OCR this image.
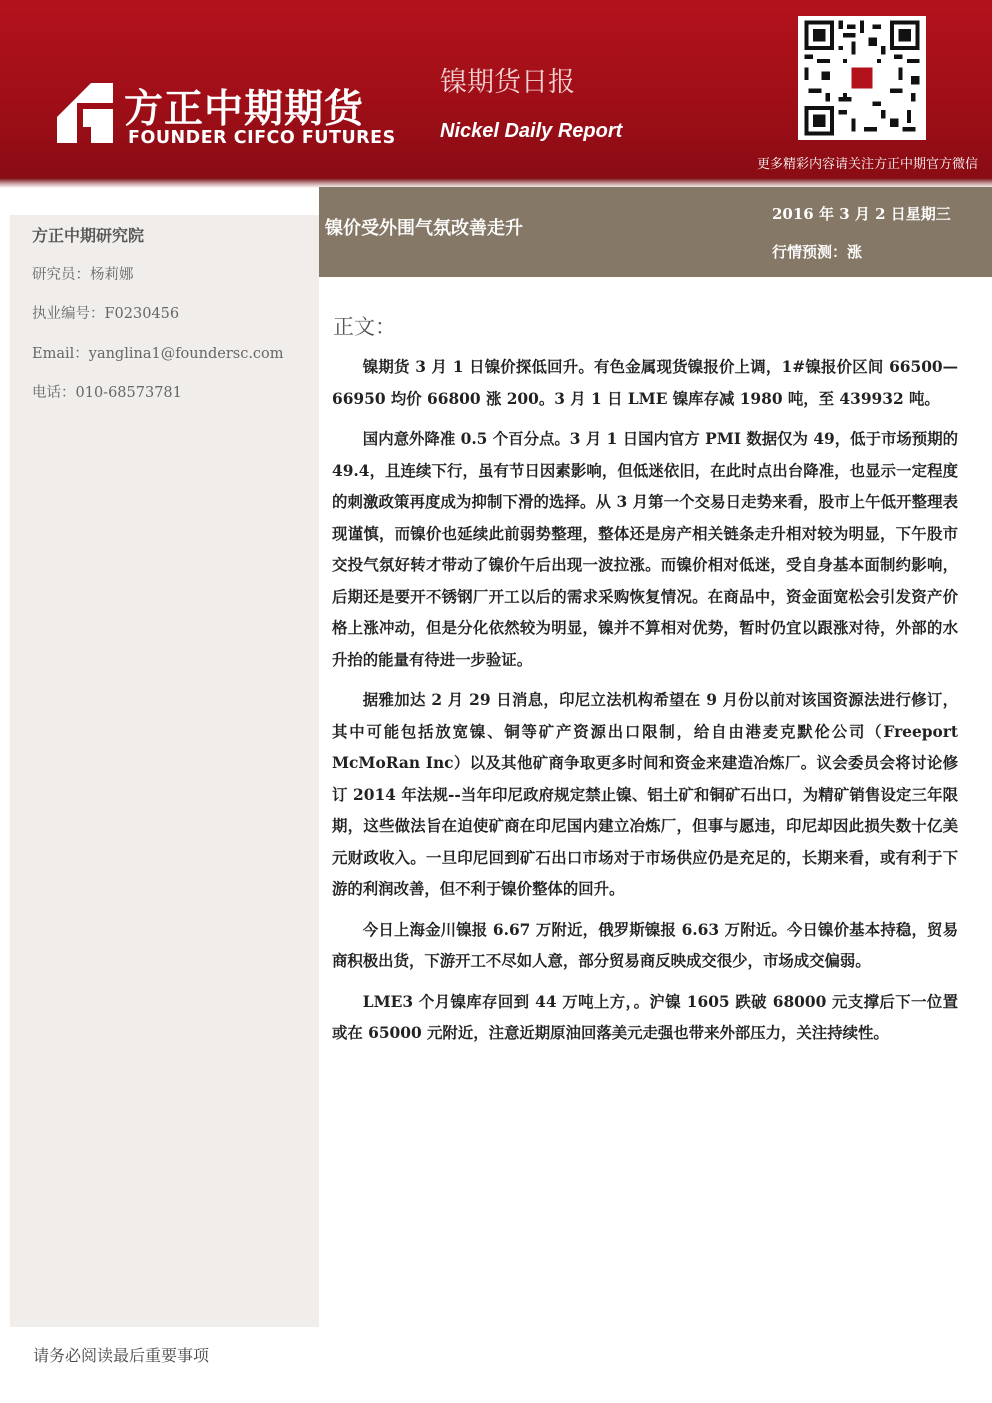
方正中期期货
FOUNDER CIFCO FUTURES
镍期货日报
Nickel Daily Report
更多精彩内容请关注方正中期官方微信
方正中期研究院
研究员：杨莉娜
执业编号：F0230456
Email：yanglina1@foundersc.com
电话：010-68573781
镍价受外围气氛改善走升
2016 年 3 月 2 日星期三
行情预测：涨
正文：

镍期货 3 月 1 日镍价探低回升。有色金属现货镍报价上调，1#镍报价区间 66500—66950 均价 66800 涨 200。3 月 1 日 LME 镍库存减 1980 吨，至 439932 吨。

国内意外降准 0.5 个百分点。3 月 1 日国内官方 PMI 数据仅为 49，低于市场预期的 49.4，且连续下行，虽有节日因素影响，但低迷依旧，在此时点出台降准，也显示一定程度的刺激政策再度成为抑制下滑的选择。从 3 月第一个交易日走势来看，股市上午低开整理表现谨慎，而镍价也延续此前弱势整理，整体还是房产相关链条走升相对较为明显，下午股市交投气氛好转才带动了镍价午后出现一波拉涨。而镍价相对低迷，受自身基本面制约影响，后期还是要开不锈钢厂开工以后的需求采购恢复情况。在商品中，资金面宽松会引发资产价格上涨冲动，但是分化依然较为明显，镍并不算相对优势，暂时仍宜以跟涨对待，外部的水升抬的能量有待进一步验证。

据雅加达 2 月 29 日消息，印尼立法机构希望在 9 月份以前对该国资源法进行修订，其中可能包括放宽镍、铜等矿产资源出口限制，给自由港麦克默伦公司（Freeport McMoRan Inc）以及其他矿商争取更多时间和资金来建造冶炼厂。议会委员会将讨论修订 2014 年法规--当年印尼政府规定禁止镍、铝土矿和铜矿石出口，为精矿销售设定三年限期，这些做法旨在迫使矿商在印尼国内建立冶炼厂，但事与愿违，印尼却因此损失数十亿美元财政收入。一旦印尼回到矿石出口市场对于市场供应仍是充足的，长期来看，或有利于下游的利润改善，但不利于镍价整体的回升。

今日上海金川镍报 6.67 万附近，俄罗斯镍报 6.63 万附近。今日镍价基本持稳，贸易商积极出货，下游开工不尽如人意，部分贸易商反映成交很少，市场成交偏弱。

LME3 个月镍库存回到 44 万吨上方，。沪镍 1605 跌破 68000 元支撑后下一位置或在 65000 元附近，注意近期原油回落美元走强也带来外部压力，关注持续性。

请务必阅读最后重要事项
